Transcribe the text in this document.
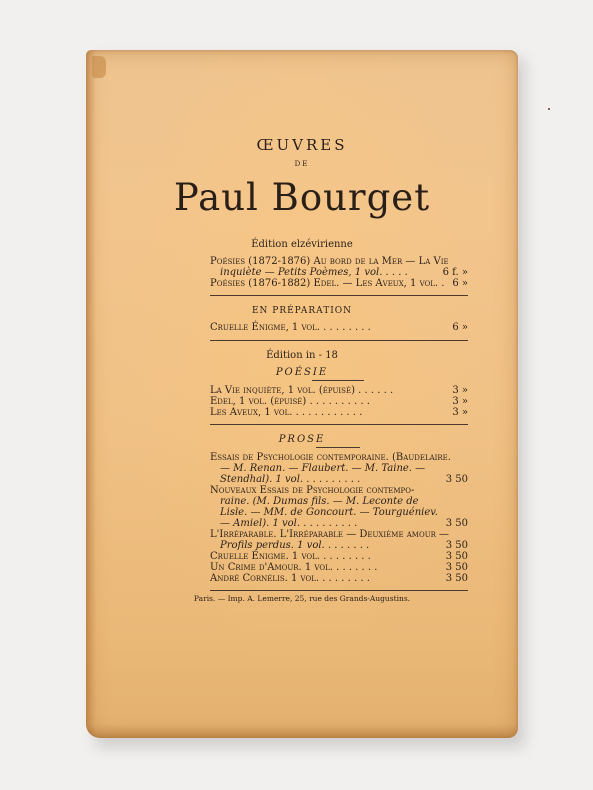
ŒUVRES
DE
Paul Bourget
Édition elzévirienne
Poésies (1872-1876) Au bord de la Mer — La Vie
inquiète — Petits Poèmes, 1 vol. . . . .	6 f. »
Poésies (1876-1882) Edel. — Les Aveux, 1 vol. . 6 »
EN PRÉPARATION
Cruelle Énigme, 1 vol. . . . . . . . .	6 »
Édition in - 18
POÉSIE
La Vie inquiète, 1 vol. (épuisé) . . . . . .	3 »
Edel, 1 vol. (épuisé) . . . . . . . . . .	3 »
Les Aveux, 1 vol. . . . . . . . . . . .	3 »
PROSE
Essais de Psychologie contemporaine. (Baudelaire.
— M. Renan. — Flaubert. — M. Taine. —
Stendhal). 1 vol. . . . . . . . . .	3 50
Nouveaux Essais de Psychologie contempo-
raine. (M. Dumas fils. — M. Leconte de
Lisle. — MM. de Goncourt. — Tourguéniev.
— Amiel). 1 vol. . . . . . . . . .	3 50
L'Irréparable. L'Irréparable — Deuxième amour —
Profils perdus. 1 vol. . . . . . . .	3 50
Cruelle Énigme. 1 vol. . . . . . . . .	3 50
Un Crime d'Amour. 1 vol. . . . . . . .	3 50
André Cornélis. 1 vol. . . . . . . . .	3 50
Paris. — Imp. A. Lemerre, 25, rue des Grands-Augustins.
